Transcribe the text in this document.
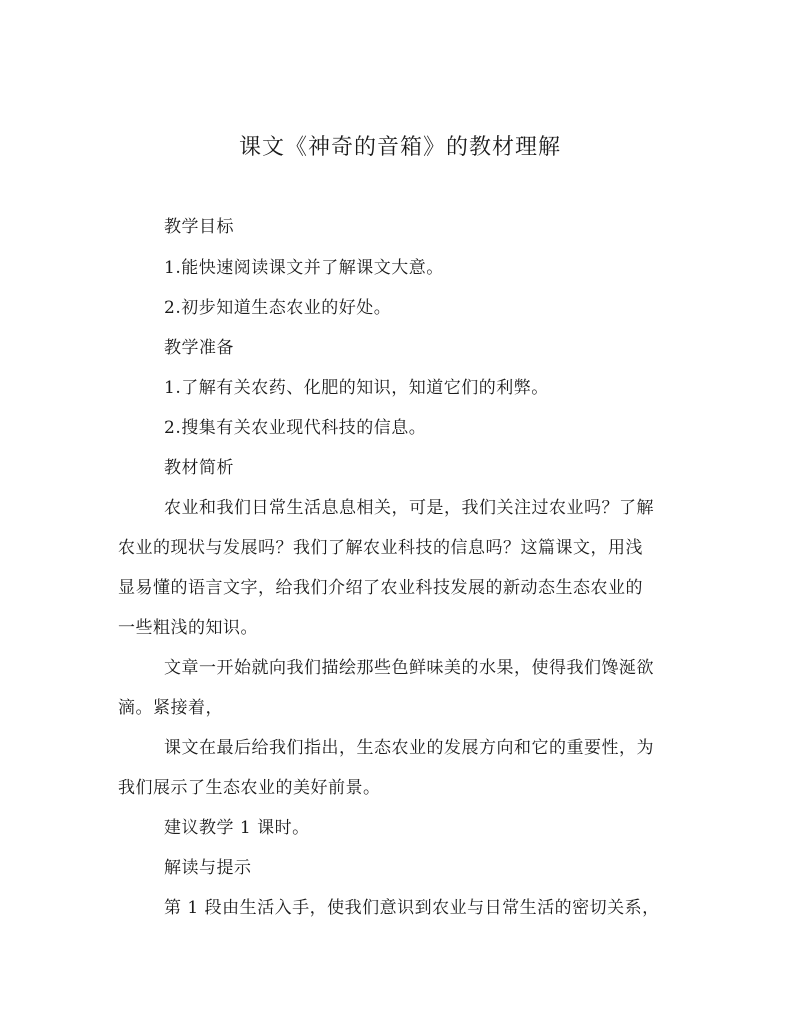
课文《神奇的音箱》的教材理解
教学目标
1.能快速阅读课文并了解课文大意。
2.初步知道生态农业的好处。
教学准备
1.了解有关农药、化肥的知识，知道它们的利弊。
2.搜集有关农业现代科技的信息。
教材简析
农业和我们日常生活息息相关，可是，我们关注过农业吗？了解
农业的现状与发展吗？我们了解农业科技的信息吗？这篇课文，用浅
显易懂的语言文字，给我们介绍了农业科技发展的新动态生态农业的
一些粗浅的知识。
文章一开始就向我们描绘那些色鲜味美的水果，使得我们馋涎欲
滴。紧接着，
课文在最后给我们指出，生态农业的发展方向和它的重要性，为
我们展示了生态农业的美好前景。
建议教学 1 课时。
解读与提示
第 1 段由生活入手，使我们意识到农业与日常生活的密切关系，
